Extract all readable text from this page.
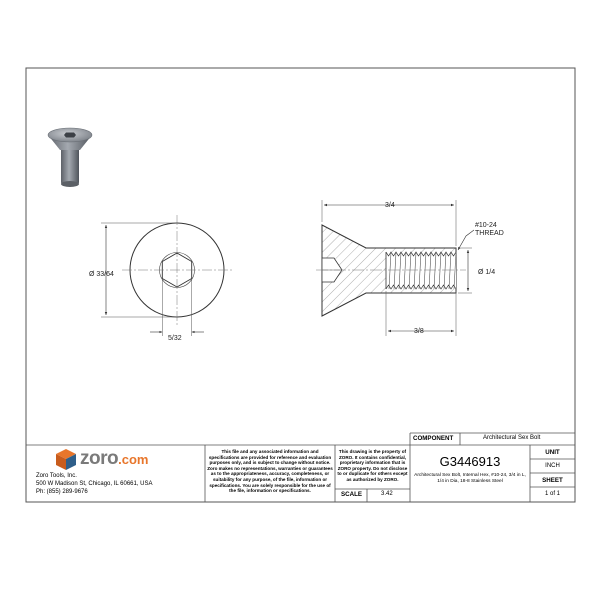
Ø 33/64
5/32
3/4
#10-24
THREAD
Ø 1/4
3/8
zoro.com
Zoro Tools, Inc.
500 W Madison St, Chicago, IL 60661, USA
Ph: (855) 289-9676
This file and any associated information and specifications are provided for reference and evaluation purposes only, and is subject to change without notice. Zoro makes no representations, warranties or guarantees as to the appropriateness, accuracy, completeness, or suitability for any purpose, of the file, information or specifications. You are solely responsible for the use of the file, information or specifications.
This drawing is the property of ZORO. It contains confidential, proprietary information that is ZORO property. Do not disclose to or duplicate for others except as authorized by ZORO.
COMPONENT	Architectural Sex Bolt
G3446913
Architectural Sex Bolt, Internal Hex, #10-24, 3/4 in L, 1/4 in Dia, 18-8 Stainless Steel
SCALE	3.42
UNIT
INCH
SHEET
1 of 1
